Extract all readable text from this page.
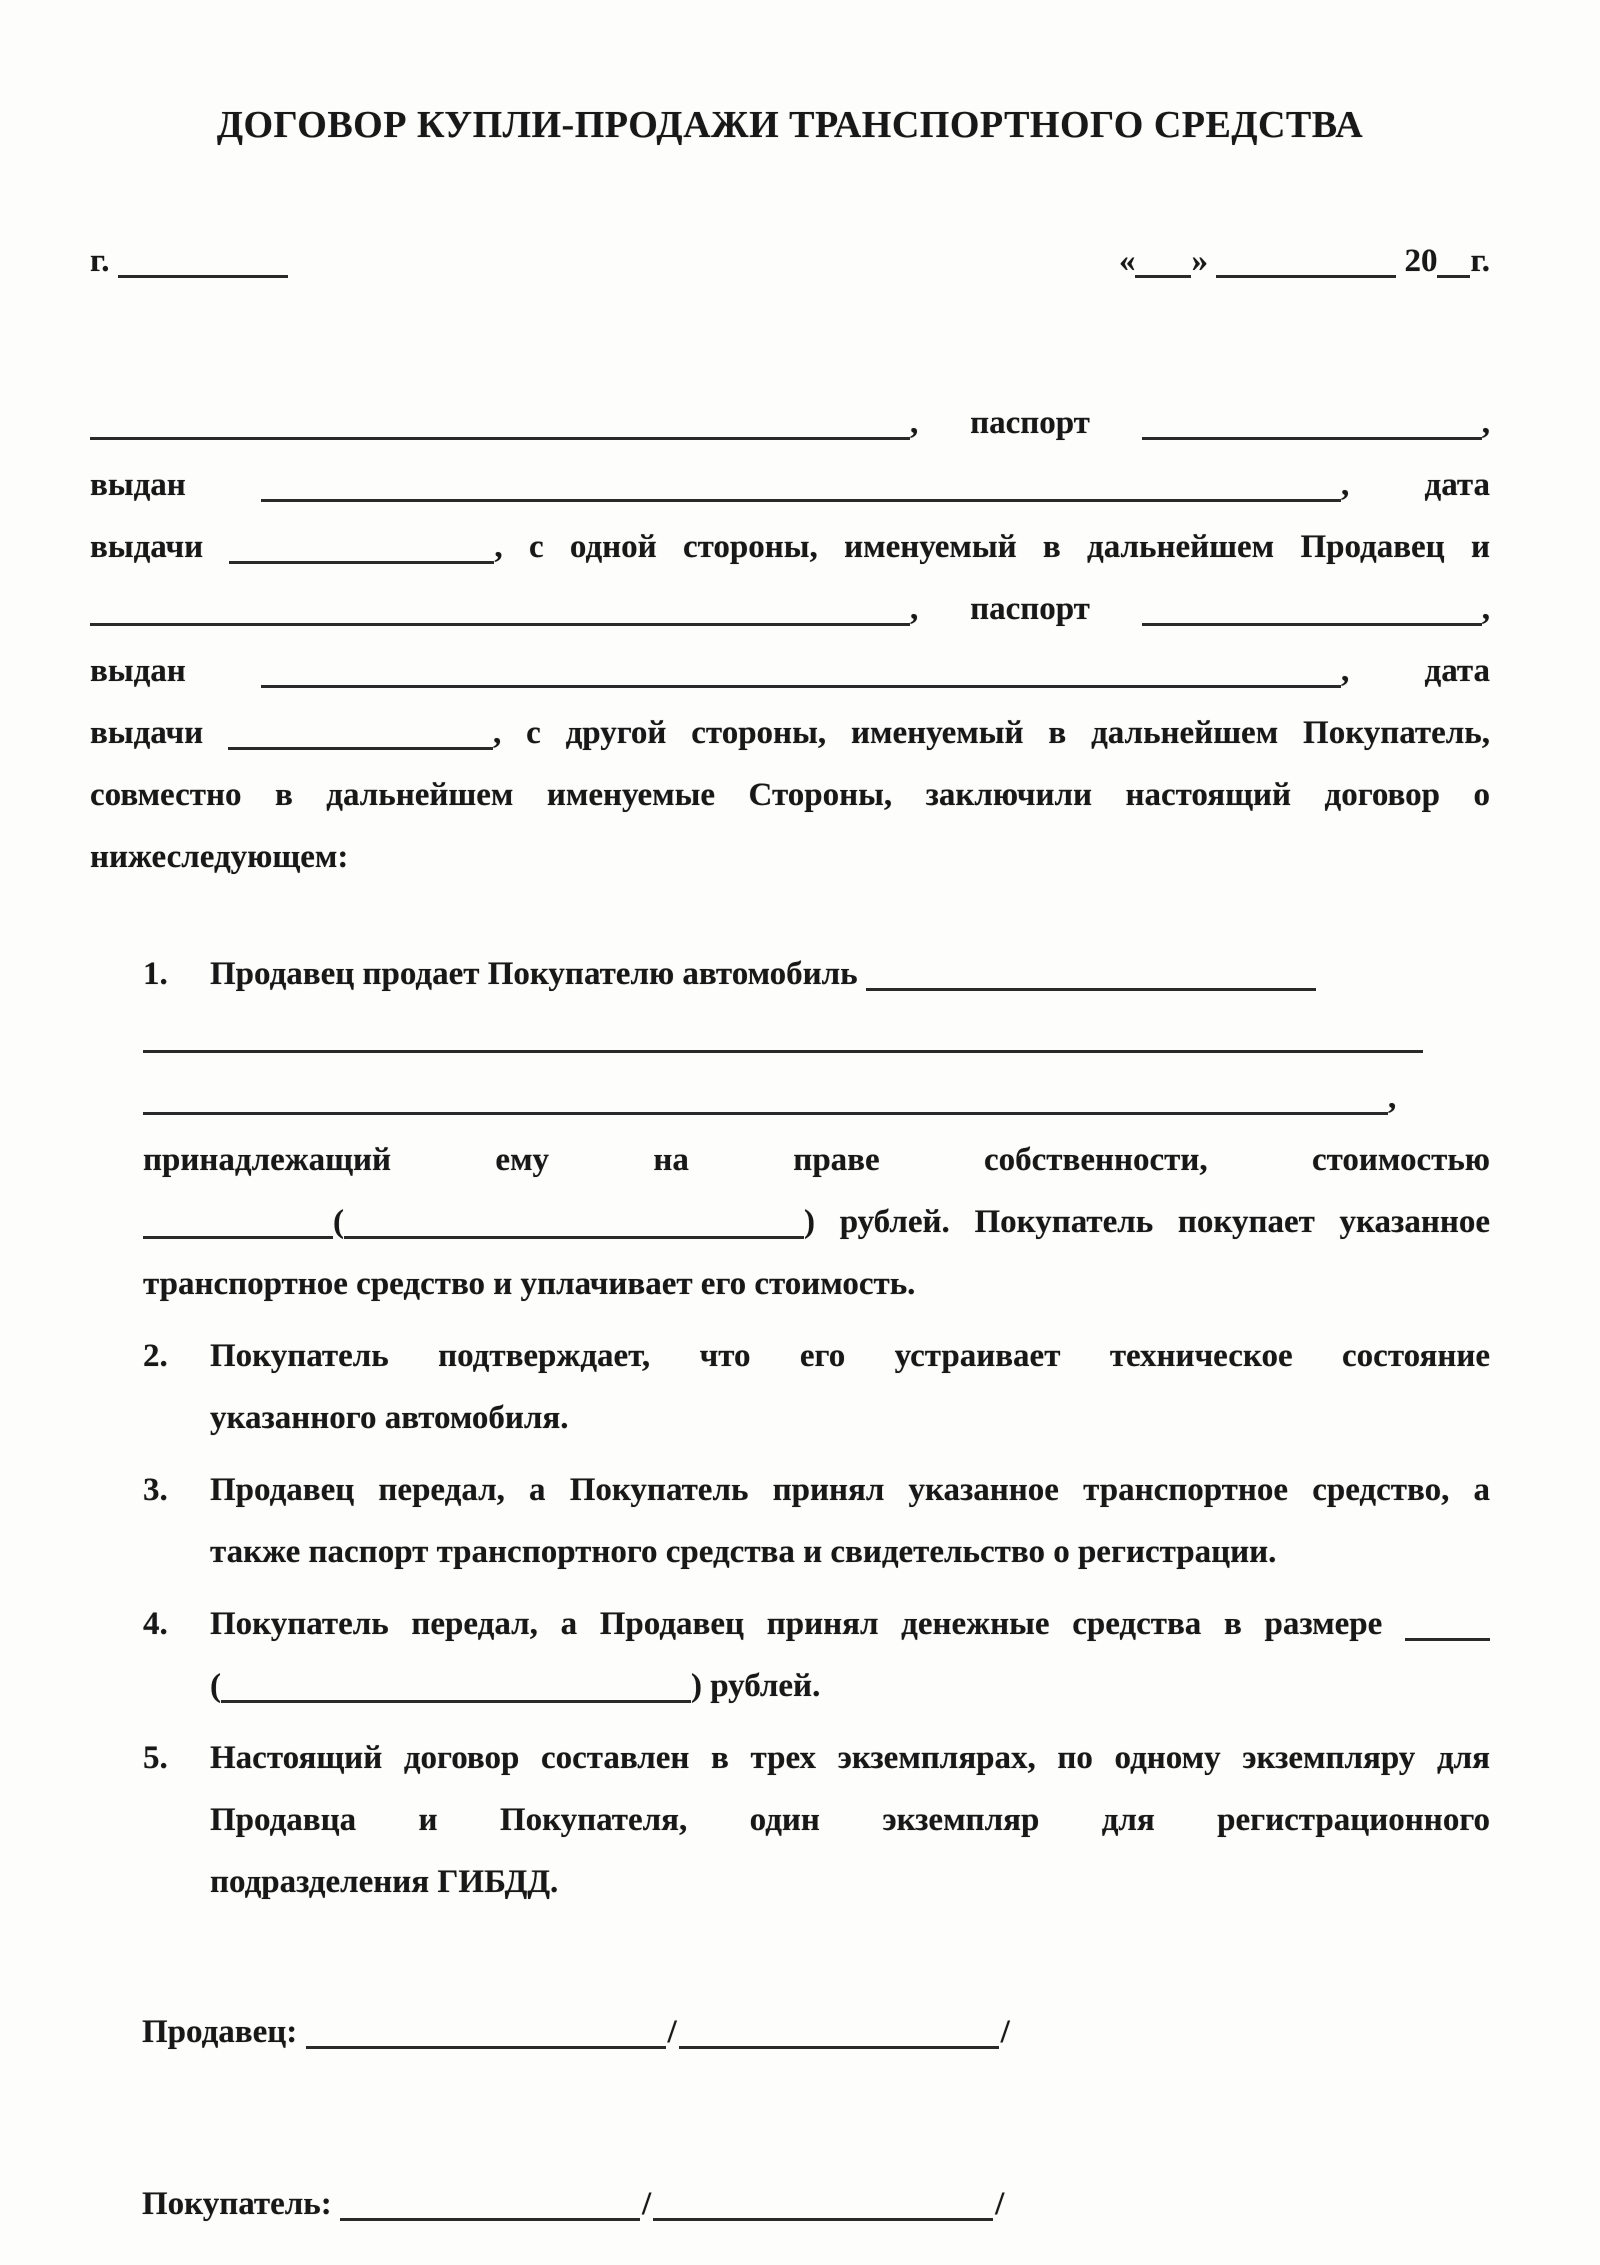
ДОГОВОР КУПЛИ-ПРОДАЖИ ТРАНСПОРТНОГО СРЕДСТВА
г.	« »	20 г.
, паспорт	,
выдан	, дата
выдачи	, с одной стороны, именуемый в дальнейшем Продавец и
, паспорт	,
выдан	, дата
выдачи	, с другой стороны, именуемый в дальнейшем Покупатель,
совместно в дальнейшем именуемые Стороны, заключили настоящий договор о
нижеследующем:
1. Продавец продает Покупателю автомобиль
,
принадлежащий ему на праве собственности, стоимостью
(	) рублей. Покупатель покупает указанное
транспортное средство и уплачивает его стоимость.
2. Покупатель подтверждает, что его устраивает техническое состояние
указанного автомобиля.
3. Продавец передал, а Покупатель принял указанное транспортное средство, а
также паспорт транспортного средства и свидетельство о регистрации.
4. Покупатель передал, а Продавец принял денежные средства в размере
(	) рублей.
5. Настоящий договор составлен в трех экземплярах, по одному экземпляру для
Продавца и Покупателя, один экземпляр для регистрационного
подразделения ГИБДД.
Продавец:	/	/
Покупатель:	/	/
